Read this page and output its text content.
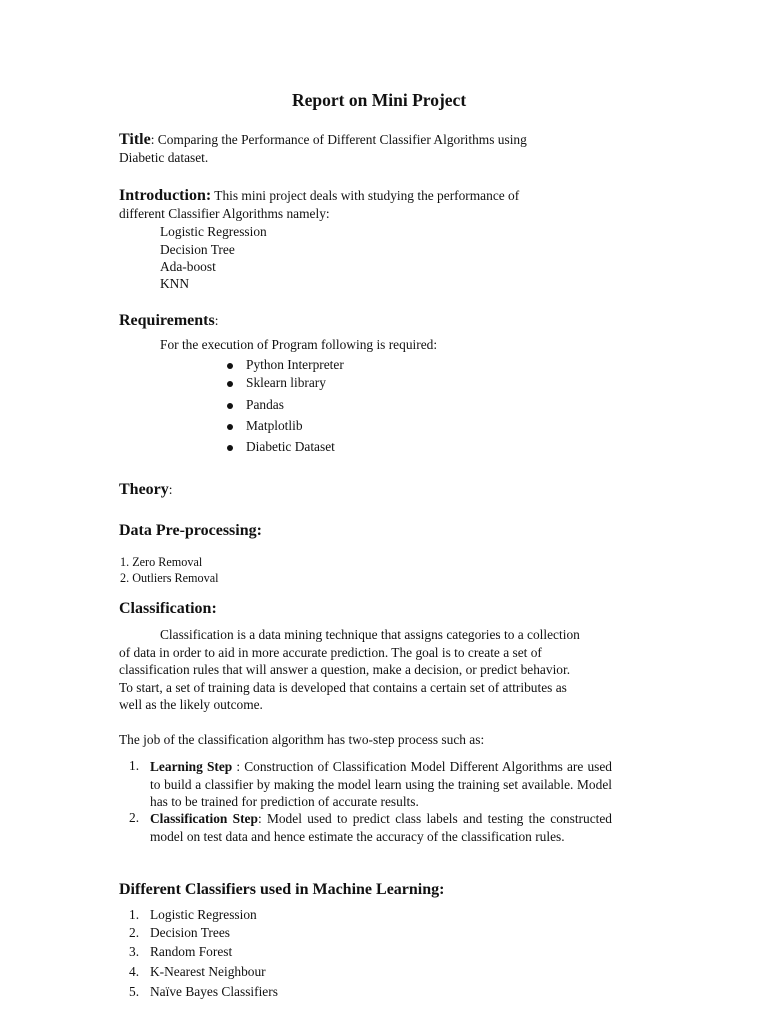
Report on Mini Project
Title: Comparing the Performance of Different Classifier Algorithms using
Diabetic dataset.
Introduction: This mini project deals with studying the performance of
different Classifier Algorithms namely:
Logistic Regression
Decision Tree
Ada-boost
KNN
Requirements:
For the execution of Program following is required:
Python Interpreter
Sklearn library
Pandas
Matplotlib
Diabetic Dataset
Theory:
Data Pre-processing:
1. Zero Removal
2. Outliers Removal
Classification:
Classification is a data mining technique that assigns categories to a collection
of data in order to aid in more accurate prediction. The goal is to create a set of
classification rules that will answer a question, make a decision, or predict behavior.
To start, a set of training data is developed that contains a certain set of attributes as
well as the likely outcome.
The job of the classification algorithm has two-step process such as:
1. Learning Step : Construction of Classification Model Different Algorithms are used to build a classifier by making the model learn using the training set available. Model has to be trained for prediction of accurate results.
2. Classification Step: Model used to predict class labels and testing the constructed model on test data and hence estimate the accuracy of the classification rules.
Different Classifiers used in Machine Learning:
1. Logistic Regression
2. Decision Trees
3. Random Forest
4. K-Nearest Neighbour
5. Naïve Bayes Classifiers
